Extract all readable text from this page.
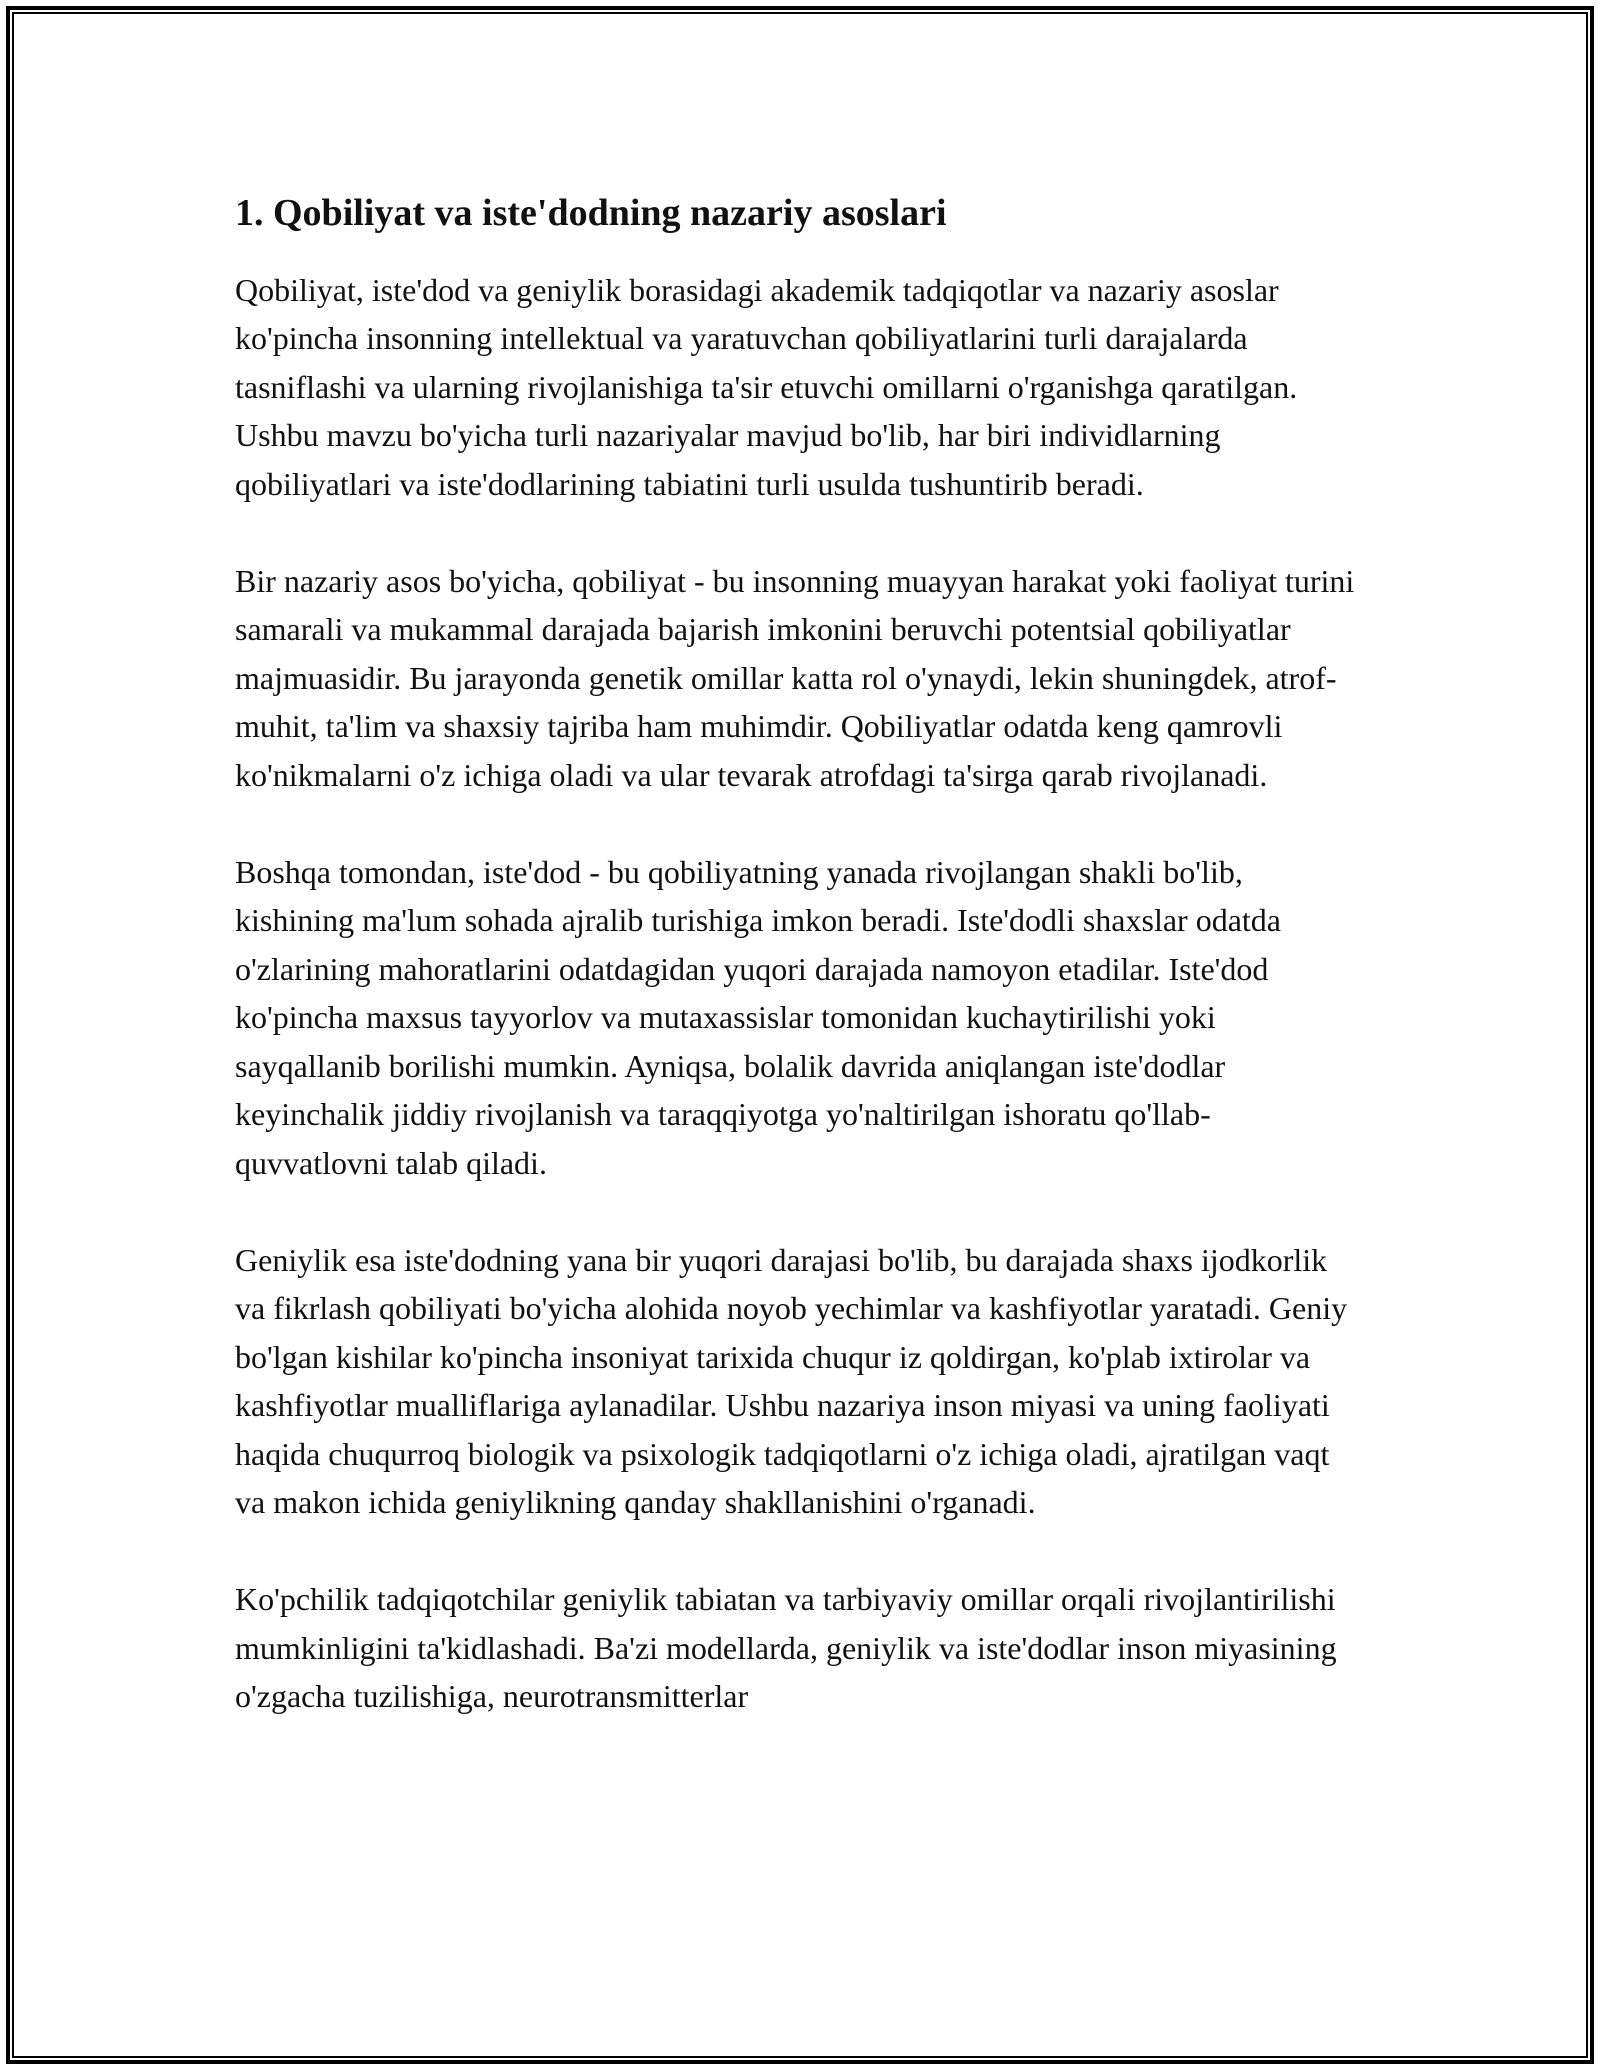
1. Qobiliyat va iste'dodning nazariy asoslari

Qobiliyat, iste'dod va geniylik borasidagi akademik tadqiqotlar va nazariy asoslar ko'pincha insonning intellektual va yaratuvchan qobiliyatlarini turli darajalarda tasniflashi va ularning rivojlanishiga ta'sir etuvchi omillarni o'rganishga qaratilgan. Ushbu mavzu bo'yicha turli nazariyalar mavjud bo'lib, har biri individlarning qobiliyatlari va iste'dodlarining tabiatini turli usulda tushuntirib beradi.

Bir nazariy asos bo'yicha, qobiliyat - bu insonning muayyan harakat yoki faoliyat turini samarali va mukammal darajada bajarish imkonini beruvchi potentsial qobiliyatlar majmuasidir. Bu jarayonda genetik omillar katta rol o'ynaydi, lekin shuningdek, atrof-muhit, ta'lim va shaxsiy tajriba ham muhimdir. Qobiliyatlar odatda keng qamrovli ko'nikmalarni o'z ichiga oladi va ular tevarak atrofdagi ta'sirga qarab rivojlanadi.

Boshqa tomondan, iste'dod - bu qobiliyatning yanada rivojlangan shakli bo'lib, kishining ma'lum sohada ajralib turishiga imkon beradi. Iste'dodli shaxslar odatda o'zlarining mahoratlarini odatdagidan yuqori darajada namoyon etadilar. Iste'dod ko'pincha maxsus tayyorlov va mutaxassislar tomonidan kuchaytirilishi yoki sayqallanib borilishi mumkin. Ayniqsa, bolalik davrida aniqlangan iste'dodlar keyinchalik jiddiy rivojlanish va taraqqiyotga yo'naltirilgan ishoratu qo'llab-quvvatlovni talab qiladi.

Geniylik esa iste'dodning yana bir yuqori darajasi bo'lib, bu darajada shaxs ijodkorlik va fikrlash qobiliyati bo'yicha alohida noyob yechimlar va kashfiyotlar yaratadi. Geniy bo'lgan kishilar ko'pincha insoniyat tarixida chuqur iz qoldirgan, ko'plab ixtirolar va kashfiyotlar mualliflariga aylanadilar. Ushbu nazariya inson miyasi va uning faoliyati haqida chuqurroq biologik va psixologik tadqiqotlarni o'z ichiga oladi, ajratilgan vaqt va makon ichida geniylikning qanday shakllanishini o'rganadi.

Ko'pchilik tadqiqotchilar geniylik tabiatan va tarbiyaviy omillar orqali rivojlantirilishi mumkinligini ta'kidlashadi. Ba'zi modellarda, geniylik va iste'dodlar inson miyasining o'zgacha tuzilishiga, neurotransmitterlar
